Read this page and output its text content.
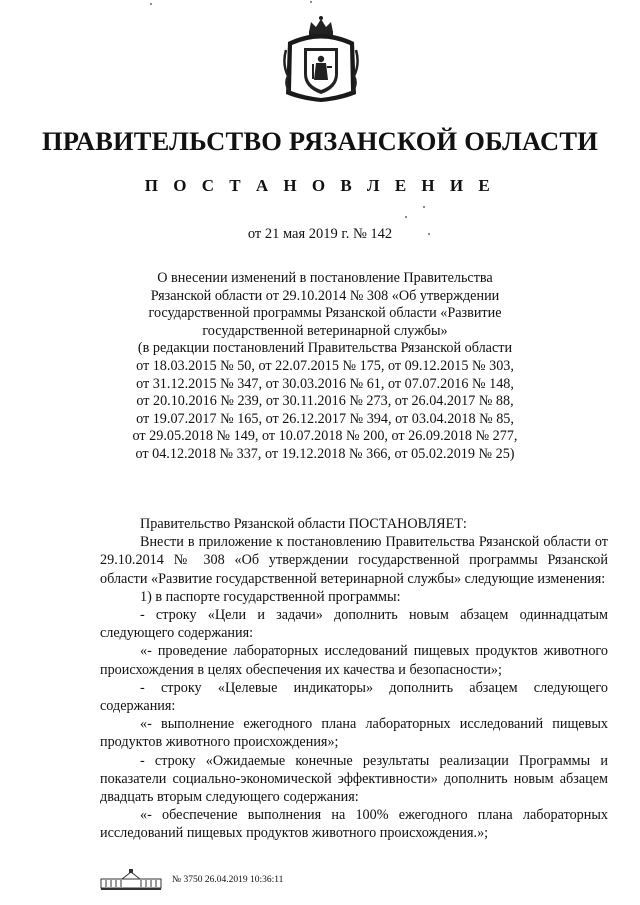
ПРАВИТЕЛЬСТВО РЯЗАНСКОЙ ОБЛАСТИ
П О С Т А Н О В Л Е Н И Е
от 21 мая 2019 г. № 142
О внесении изменений в постановление Правительства
Рязанской области от 29.10.2014 № 308 «Об утверждении
государственной программы Рязанской области «Развитие
государственной ветеринарной службы»
(в редакции постановлений Правительства Рязанской области
от 18.03.2015 № 50, от 22.07.2015 № 175, от 09.12.2015 № 303,
от 31.12.2015 № 347, от 30.03.2016 № 61, от 07.07.2016 № 148,
от 20.10.2016 № 239, от 30.11.2016 № 273, от 26.04.2017 № 88,
от 19.07.2017 № 165, от 26.12.2017 № 394, от 03.04.2018 № 85,
от 29.05.2018 № 149, от 10.07.2018 № 200, от 26.09.2018 № 277,
от 04.12.2018 № 337, от 19.12.2018 № 366, от 05.02.2019 № 25)

Правительство Рязанской области ПОСТАНОВЛЯЕТ:

Внести в приложение к постановлению Правительства Рязанской области от 29.10.2014 № 308 «Об утверждении государственной программы Рязанской области «Развитие государственной ветеринарной службы» следующие изменения:

1) в паспорте государственной программы:

- строку «Цели и задачи» дополнить новым абзацем одиннадцатым следующего содержания:

«- проведение лабораторных исследований пищевых продуктов животного происхождения в целях обеспечения их качества и безопасности»;

- строку «Целевые индикаторы» дополнить абзацем следующего содержания:

«- выполнение ежегодного плана лабораторных исследований пищевых продуктов животного происхождения»;

- строку «Ожидаемые конечные результаты реализации Программы и показатели социально-экономической эффективности» дополнить новым абзацем двадцать вторым следующего содержания:

«- обеспечение выполнения на 100% ежегодного плана лабораторных исследований пищевых продуктов животного происхождения.»;

№ 3750 26.04.2019 10:36:11
